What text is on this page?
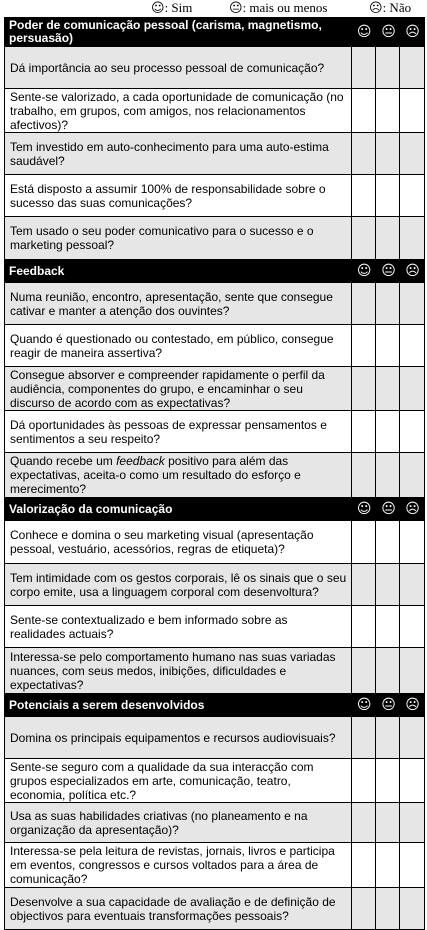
☺: Sim	😐: mais ou menos	☹: Não
Poder de comunicação pessoal (carisma, magnetismo, persuasão)	☺ 😐 ☹
Dá importância ao seu processo pessoal de comunicação?
Sente-se valorizado, a cada oportunidade de comunicação (no trabalho, em grupos, com amigos, nos relacionamentos afectivos)?
Tem investido em auto-conhecimento para uma auto-estima saudável?
Está disposto a assumir 100% de responsabilidade sobre o sucesso das suas comunicações?
Tem usado o seu poder comunicativo para o sucesso e o marketing pessoal?
Feedback	☺ 😐 ☹
Numa reunião, encontro, apresentação, sente que consegue cativar e manter a atenção dos ouvintes?
Quando é questionado ou contestado, em público, consegue reagir de maneira assertiva?
Consegue absorver e compreender rapidamente o perfil da audiência, componentes do grupo, e encaminhar o seu discurso de acordo com as expectativas?
Dá oportunidades às pessoas de expressar pensamentos e sentimentos a seu respeito?
Quando recebe um feedback positivo para além das expectativas, aceita-o como um resultado do esforço e merecimento?
Valorização da comunicação	☺ 😐 ☹
Conhece e domina o seu marketing visual (apresentação pessoal, vestuário, acessórios, regras de etiqueta)?
Tem intimidade com os gestos corporais, lê os sinais que o seu corpo emite, usa a linguagem corporal com desenvoltura?
Sente-se contextualizado e bem informado sobre as realidades actuais?
Interessa-se pelo comportamento humano nas suas variadas nuances, com seus medos, inibições, dificuldades e expectativas?
Potenciais a serem desenvolvidos	☺ 😐 ☹
Domina os principais equipamentos e recursos audiovisuais?
Sente-se seguro com a qualidade da sua interacção com grupos especializados em arte, comunicação, teatro, economia, política etc.?
Usa as suas habilidades criativas (no planeamento e na organização da apresentação)?
Interessa-se pela leitura de revistas, jornais, livros e participa em eventos, congressos e cursos voltados para a área de comunicação?
Desenvolve a sua capacidade de avaliação e de definição de objectivos para eventuais transformações pessoais?
